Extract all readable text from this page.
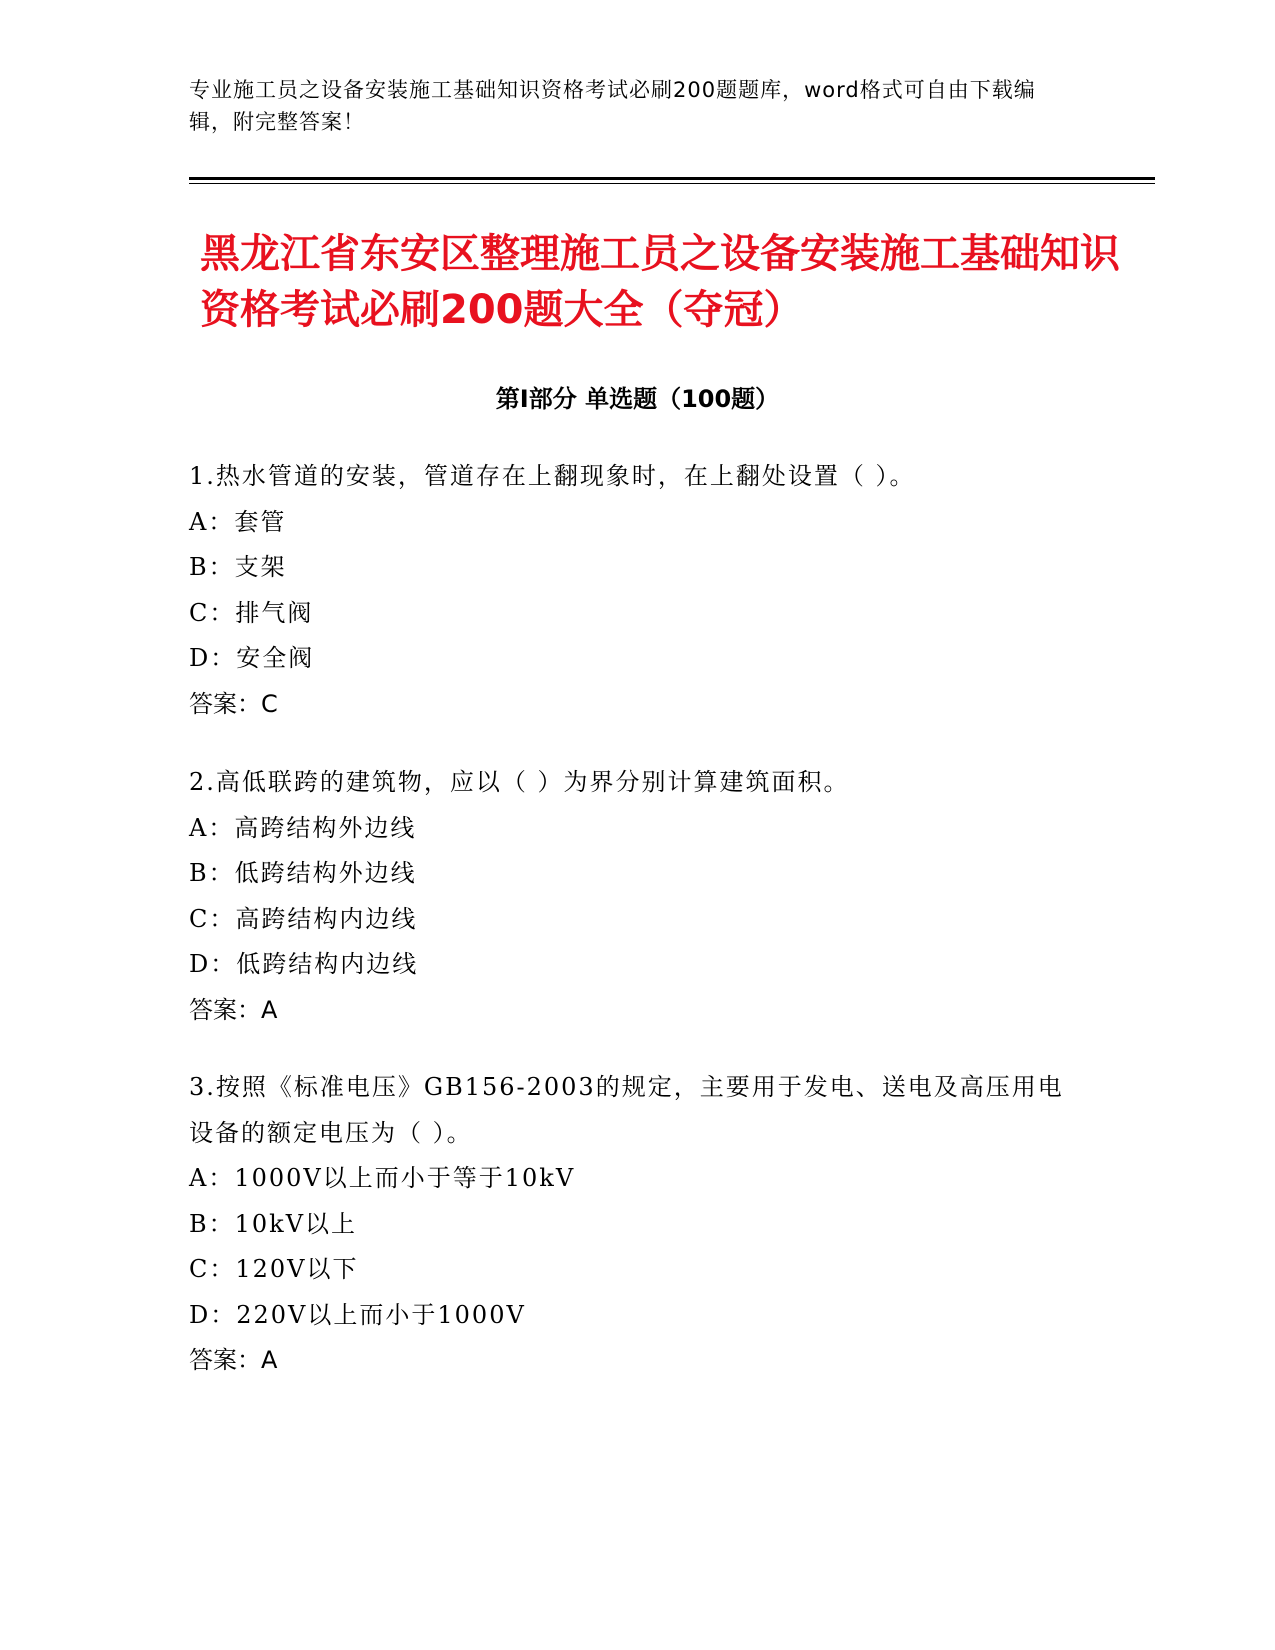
专业施工员之设备安装施工基础知识资格考试必刷200题题库，word格式可自由下载编辑，附完整答案！
黑龙江省东安区整理施工员之设备安装施工基础知识资格考试必刷200题大全（夺冠）
第Ⅰ部分 单选题（100题）

1.热水管道的安装，管道存在上翻现象时，在上翻处设置（ ）。

A：套管

B：支架

C：排气阀

D：安全阀

答案：C

2.高低联跨的建筑物，应以（ ）为界分别计算建筑面积。

A：高跨结构外边线

B：低跨结构外边线

C：高跨结构内边线

D：低跨结构内边线

答案：A

3.按照《标准电压》GB156-2003的规定，主要用于发电、送电及高压用电设备的额定电压为（ ）。

A：1000V以上而小于等于10kV

B：10kV以上

C：120V以下

D：220V以上而小于1000V

答案：A
